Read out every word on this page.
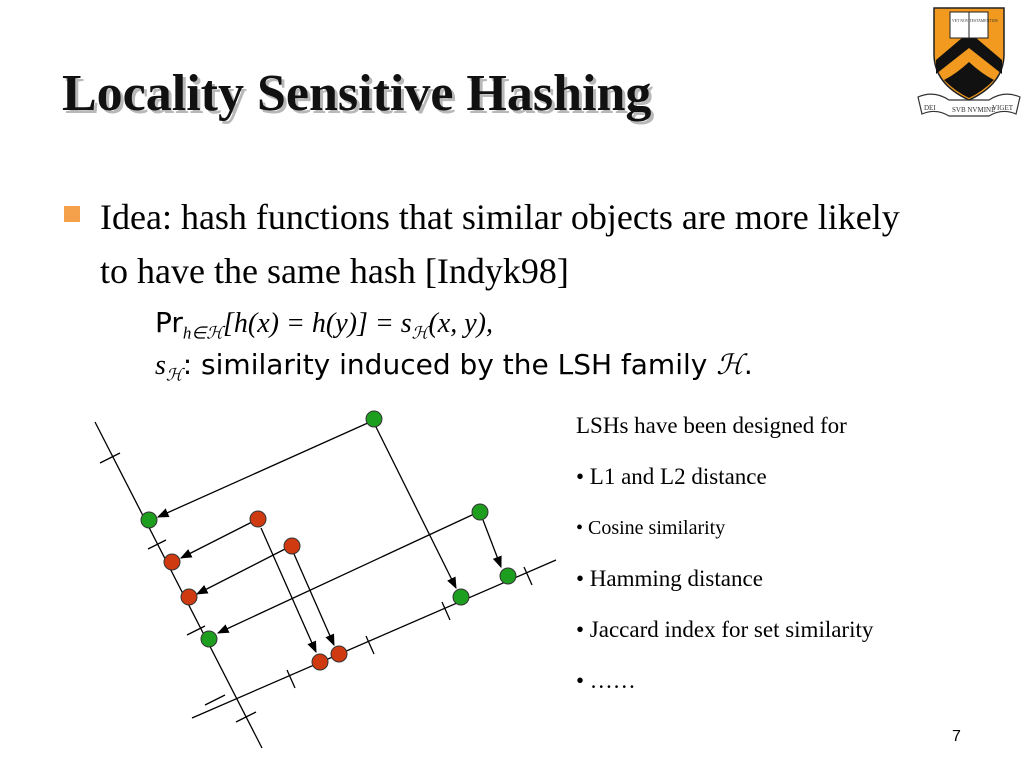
Locality Sensitive Hashing	DEI SVB NVMINE
VIGET
VET NOV TESTAMENTUM
Idea: hash functions that similar objects are more likely to have the same hash [Indyk98]
$Pr_{h\in ℋ}[h(x) = h(y)] = s_ℋ(x$, y),
$s_ℋ$: similarity induced by the LSH family ℋ.
LSHs have been designed for
• L1 and L2 distance
• Cosine similarity
• Hamming distance
• Jaccard index for set similarity
• ……
7
